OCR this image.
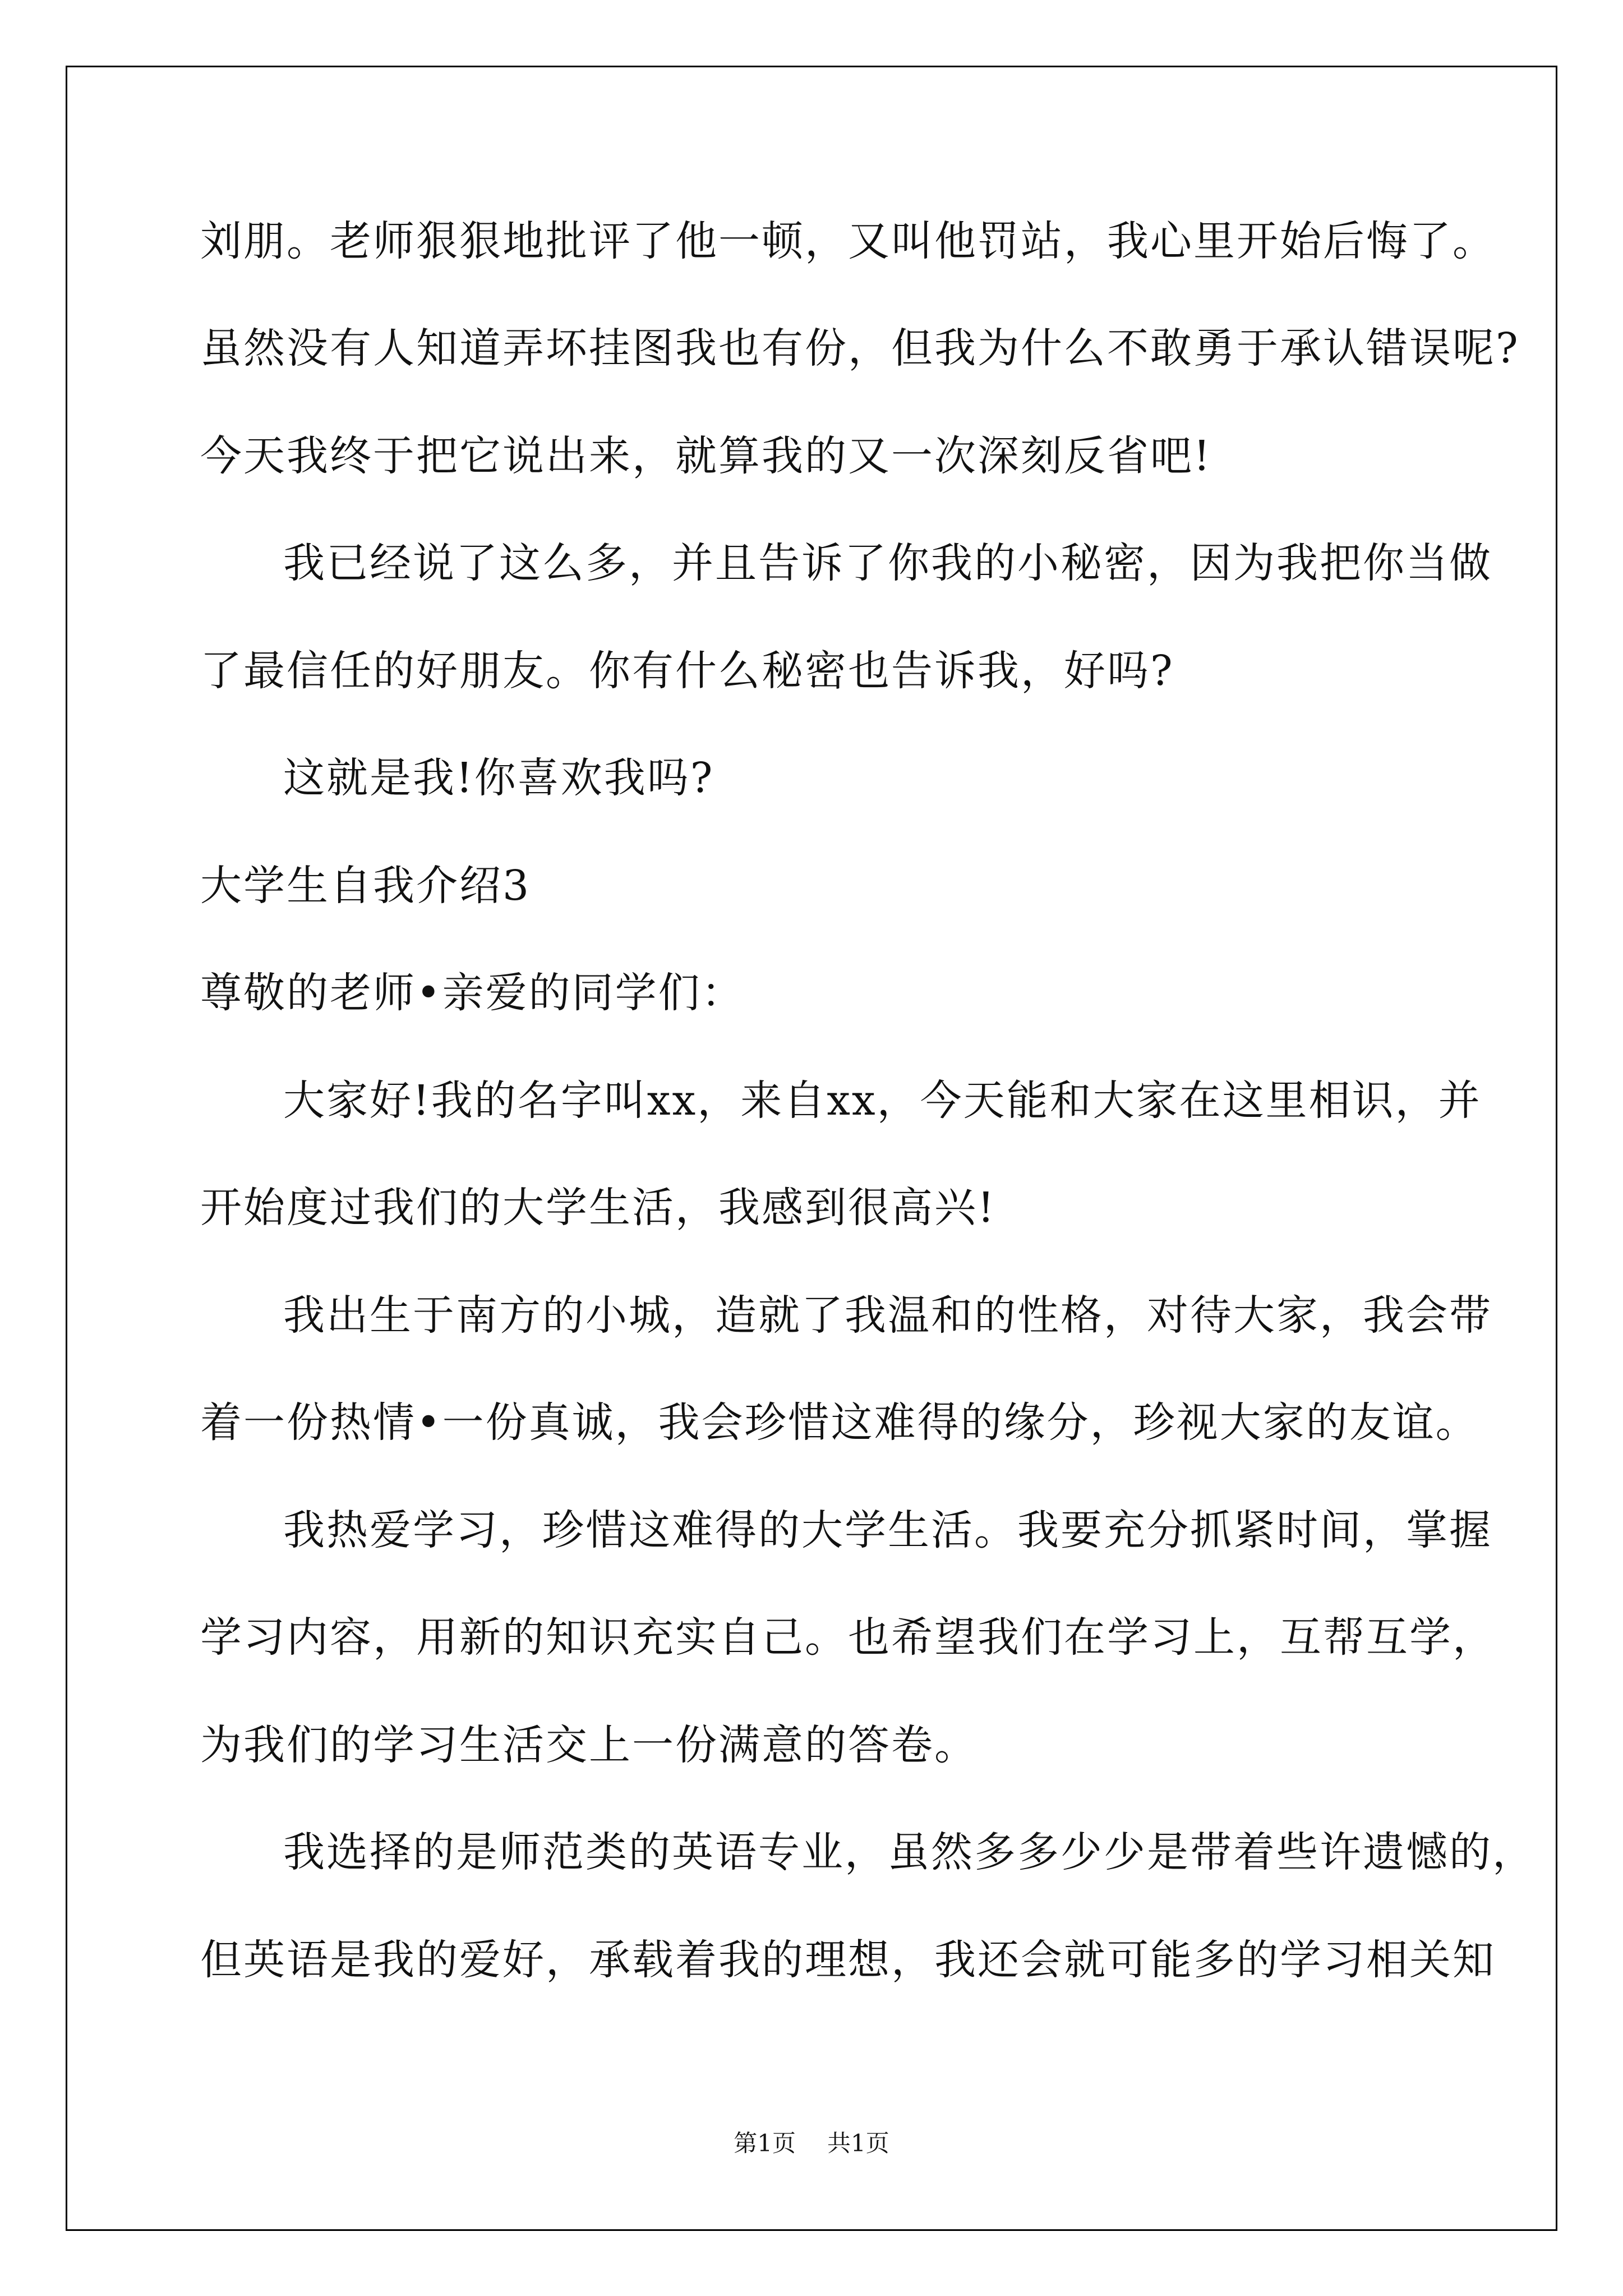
刘朋。老师狠狠地批评了他一顿，又叫他罚站，我心里开始后悔了。
虽然没有人知道弄坏挂图我也有份，但我为什么不敢勇于承认错误呢?
今天我终于把它说出来，就算我的又一次深刻反省吧!
我已经说了这么多，并且告诉了你我的小秘密，因为我把你当做
了最信任的好朋友。你有什么秘密也告诉我，好吗?
这就是我!你喜欢我吗?
大学生自我介绍3
尊敬的老师•亲爱的同学们：
大家好!我的名字叫xx，来自xx，今天能和大家在这里相识，并
开始度过我们的大学生活，我感到很高兴!
我出生于南方的小城，造就了我温和的性格，对待大家，我会带
着一份热情•一份真诚，我会珍惜这难得的缘分，珍视大家的友谊。
我热爱学习，珍惜这难得的大学生活。我要充分抓紧时间，掌握
学习内容，用新的知识充实自己。也希望我们在学习上，互帮互学，
为我们的学习生活交上一份满意的答卷。
我选择的是师范类的英语专业，虽然多多少少是带着些许遗憾的，
但英语是我的爱好，承载着我的理想，我还会就可能多的学习相关知
第1页 共1页
